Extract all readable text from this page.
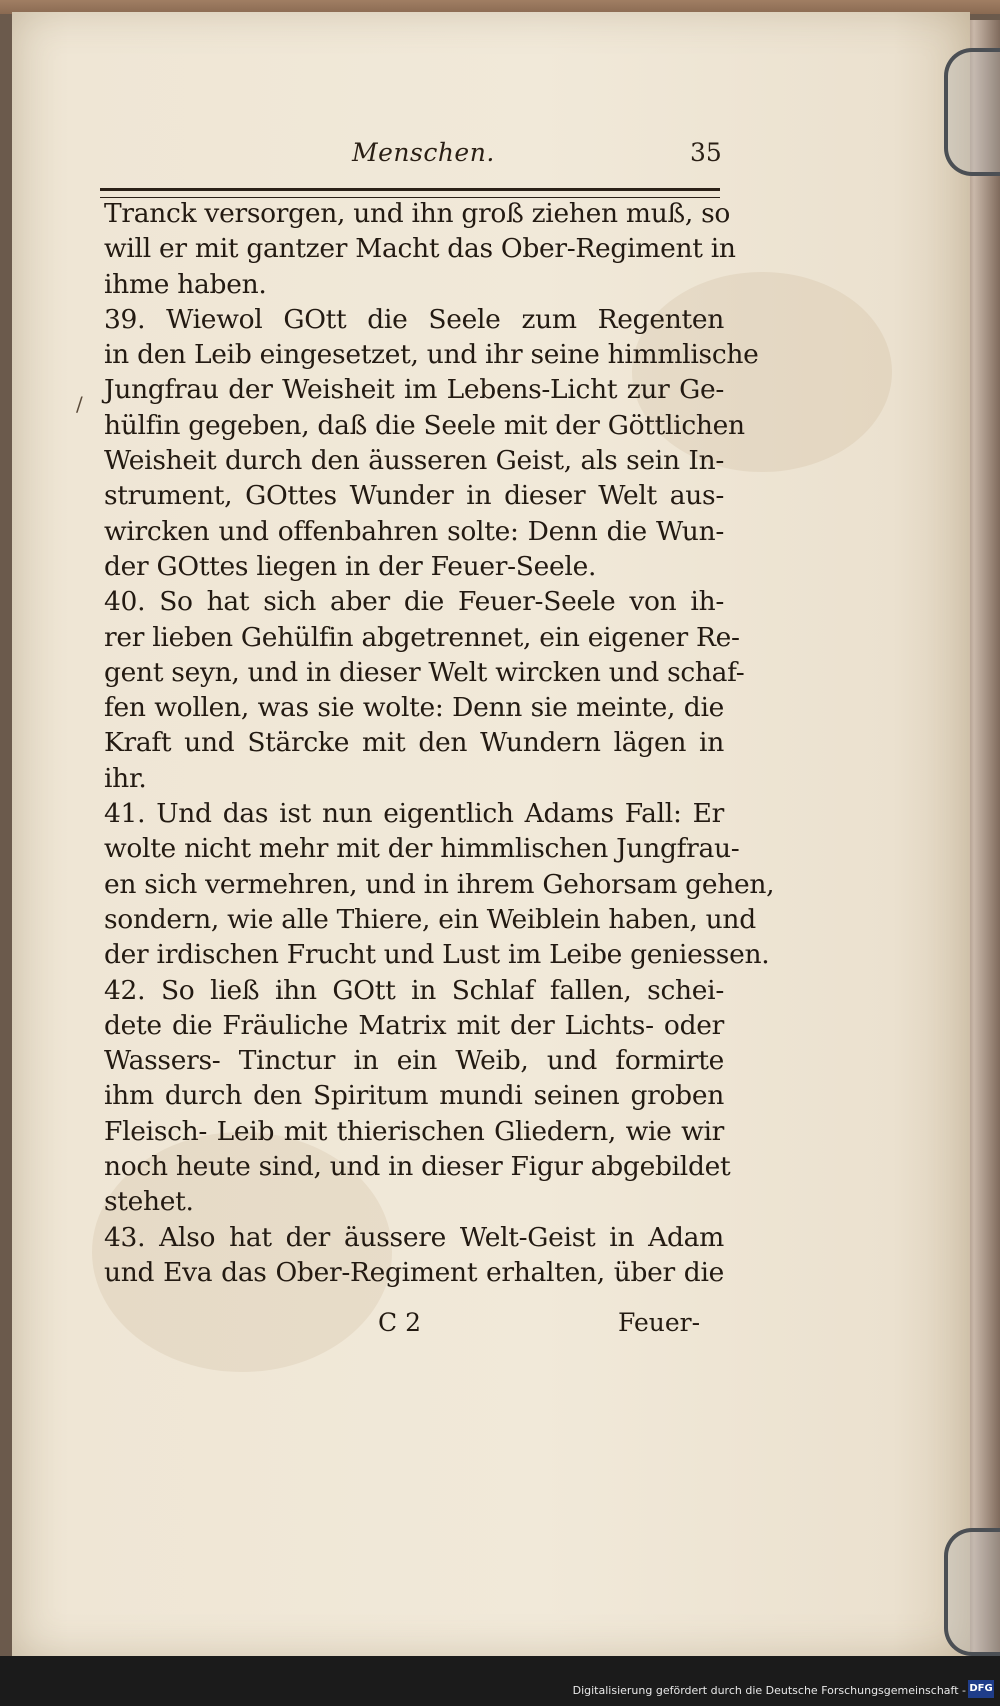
Menschen.	35
/
Tranck versorgen, und ihn groß ziehen muß, so
will er mit gantzer Macht das Ober-Regiment in
ihme haben.
39. Wiewol GOtt die Seele zum Regenten
in den Leib eingesetzet, und ihr seine himmlische
Jungfrau der Weisheit im Lebens-Licht zur Ge-
hülfin gegeben, daß die Seele mit der Göttlichen
Weisheit durch den äusseren Geist, als sein In-
strument, GOttes Wunder in dieser Welt aus-
wircken und offenbahren solte: Denn die Wun-
der GOttes liegen in der Feuer-Seele.
40. So hat sich aber die Feuer-Seele von ih-
rer lieben Gehülfin abgetrennet, ein eigener Re-
gent seyn, und in dieser Welt wircken und schaf-
fen wollen, was sie wolte: Denn sie meinte, die
Kraft und Stärcke mit den Wundern lägen in
ihr.
41. Und das ist nun eigentlich Adams Fall: Er
wolte nicht mehr mit der himmlischen Jungfrau-
en sich vermehren, und in ihrem Gehorsam gehen,
sondern, wie alle Thiere, ein Weiblein haben, und
der irdischen Frucht und Lust im Leibe geniessen.
42. So ließ ihn GOtt in Schlaf fallen, schei-
dete die Fräuliche Matrix mit der Lichts- oder
Wassers- Tinctur in ein Weib, und formirte
ihm durch den Spiritum mundi seinen groben
Fleisch- Leib mit thierischen Gliedern, wie wir
noch heute sind, und in dieser Figur abgebildet
stehet.
43. Also hat der äussere Welt-Geist in Adam
und Eva das Ober-Regiment erhalten, über die
C 2	Feuer-
Digitalisierung gefördert durch die Deutsche Forschungsgemeinschaft - DFG
